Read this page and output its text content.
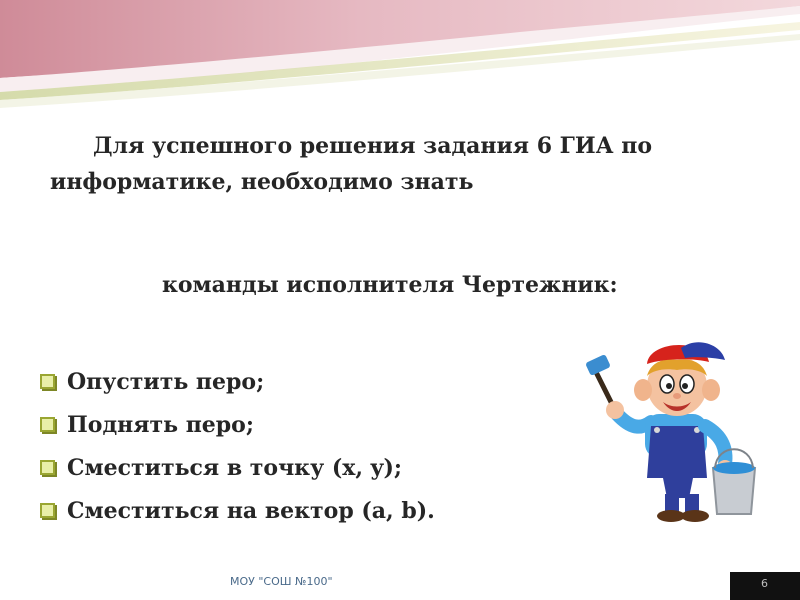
Для успешного решения задания 6 ГИА по
информатике, необходимо знать
команды исполнителя Чертежник:
Опустить перо;
Поднять перо;
Сместиться в точку (x, y);
Сместиться на вектор (a, b).
МОУ "СОШ №100"	6
